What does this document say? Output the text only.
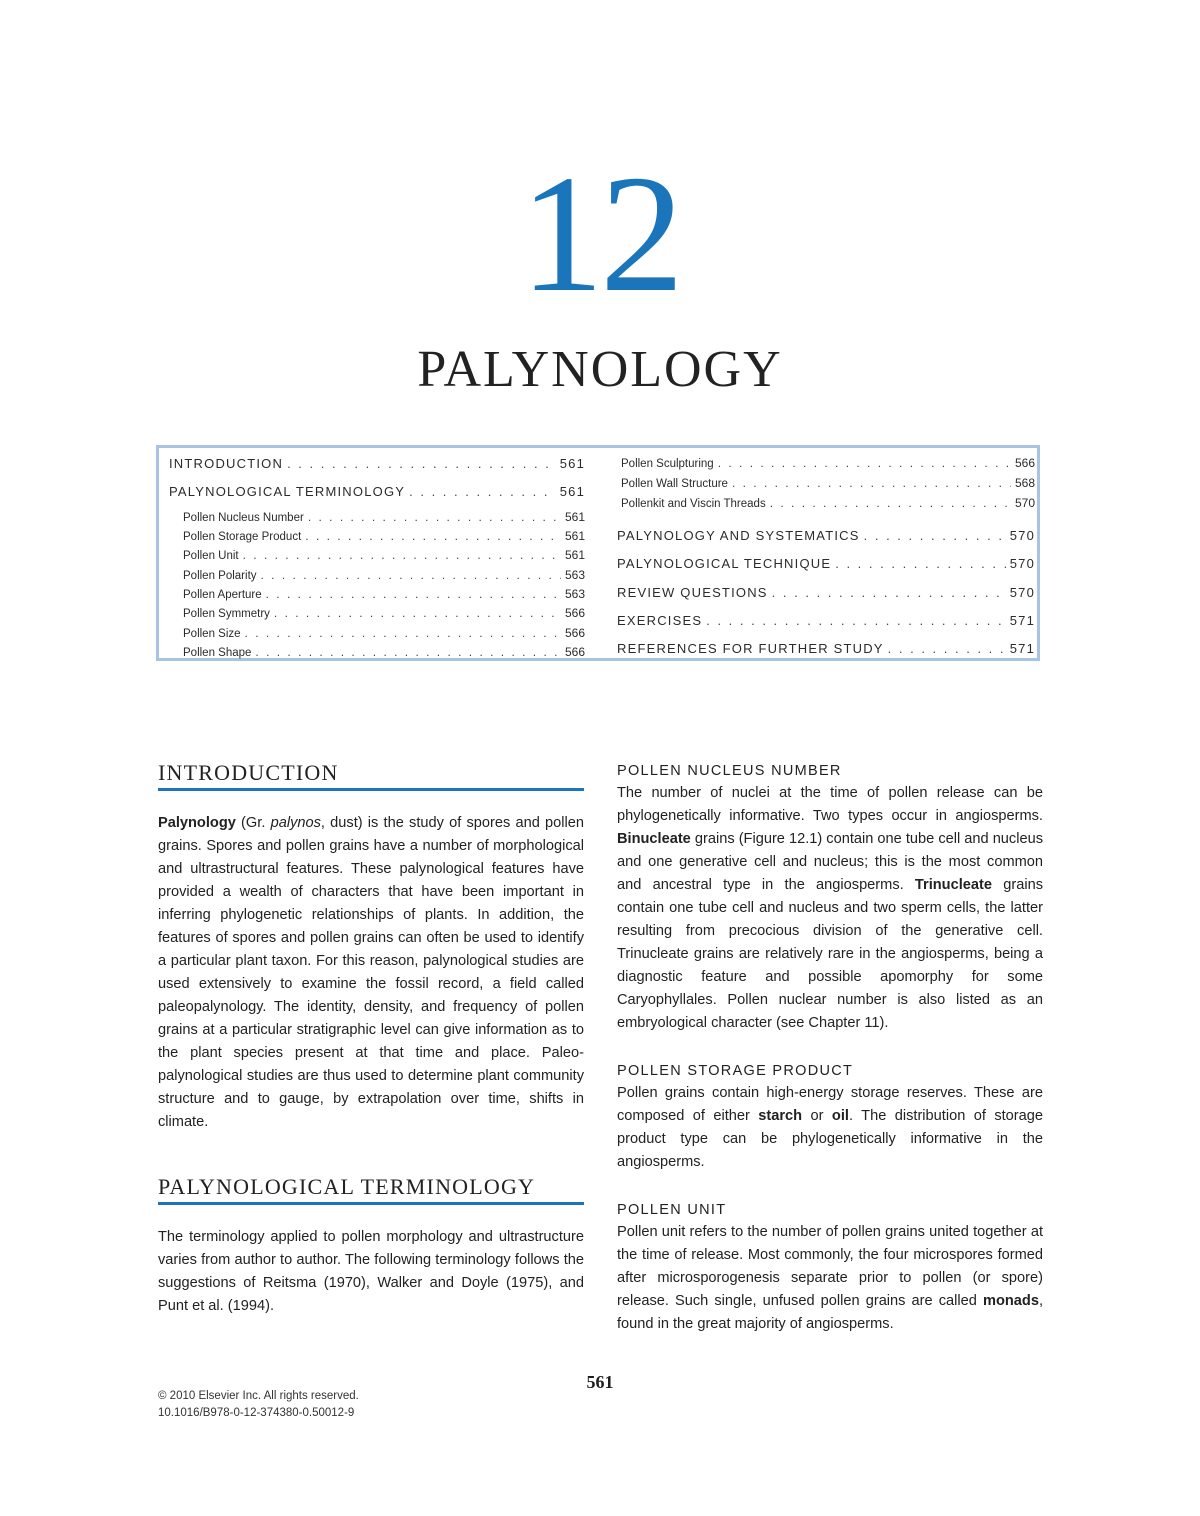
12
PALYNOLOGY
INTRODUCTION . . .	561
PALYNOLOGICAL TERMINOLOGY . . .	561
Pollen Nucleus Number . . .	561
Pollen Storage Product . . .	561
Pollen Unit . . .	561
Pollen Polarity . . .	563
Pollen Aperture . . .	563
Pollen Symmetry . . .	566
Pollen Size . . .	566
Pollen Shape . . .	566
Pollen Sculpturing . . .	566
Pollen Wall Structure . . .	568
Pollenkit and Viscin Threads . . .	570
PALYNOLOGY AND SYSTEMATICS . . .	570
PALYNOLOGICAL TECHNIQUE . . .	570
REVIEW QUESTIONS . . .	570
EXERCISES . . .	571
REFERENCES FOR FURTHER STUDY . . .	571
INTRODUCTION

Palynology (Gr. palynos, dust) is the study of spores and pollen grains. Spores and pollen grains have a number of morphological and ultrastructural features. These palynological features have provided a wealth of characters that have been important in inferring phylogenetic relationships of plants. In addition, the features of spores and pollen grains can often be used to identify a particular plant taxon. For this reason, palynological studies are used extensively to examine the fossil record, a field called paleopalynology. The identity, density, and frequency of pollen grains at a particular stratigraphic level can give information as to the plant species present at that time and place. Paleopalynological studies are thus used to determine plant community structure and to gauge, by extrapolation over time, shifts in climate.

PALYNOLOGICAL TERMINOLOGY

The terminology applied to pollen morphology and ultrastructure varies from author to author. The following terminology follows the suggestions of Reitsma (1970), Walker and Doyle (1975), and Punt et al. (1994).

POLLEN NUCLEUS NUMBER

The number of nuclei at the time of pollen release can be phylogenetically informative. Two types occur in angiosperms. Binucleate grains (Figure 12.1) contain one tube cell and nucleus and one generative cell and nucleus; this is the most common and ancestral type in the angiosperms. Trinucleate grains contain one tube cell and nucleus and two sperm cells, the latter resulting from precocious division of the generative cell. Trinucleate grains are relatively rare in the angiosperms, being a diagnostic feature and possible apomorphy for some Caryophyllales. Pollen nuclear number is also listed as an embryological character (see Chapter 11).

POLLEN STORAGE PRODUCT

Pollen grains contain high-energy storage reserves. These are composed of either starch or oil. The distribution of storage product type can be phylogenetically informative in the angiosperms.

POLLEN UNIT

Pollen unit refers to the number of pollen grains united together at the time of release. Most commonly, the four microspores formed after microsporogenesis separate prior to pollen (or spore) release. Such single, unfused pollen grains are called monads, found in the great majority of angiosperms.

561
© 2010 Elsevier Inc. All rights reserved.
10.1016/B978-0-12-374380-0.50012-9
